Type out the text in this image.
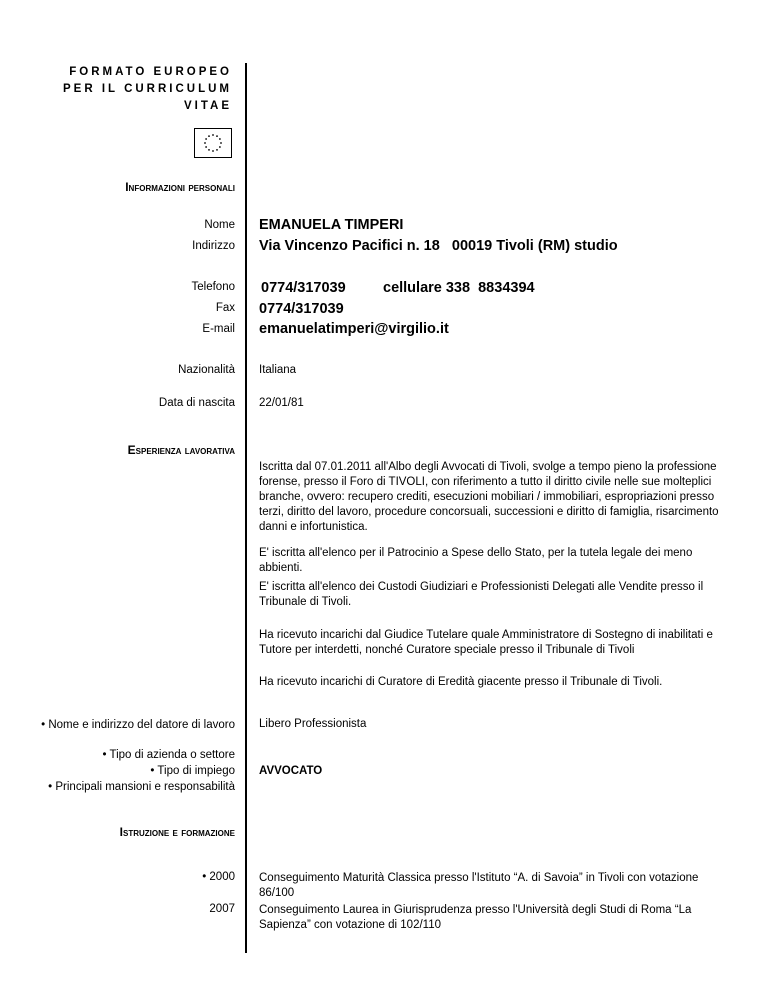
FORMATO EUROPEO
PER IL CURRICULUM
VITAE
Informazioni personali
Nome EMANUELA TIMPERI
Indirizzo Via Vincenzo Pacifici n. 18   00019 Tivoli (RM) studio
Telefono 0774/317039	cellulare 338  8834394
Fax 0774/317039
E-mail emanuelatimperi@virgilio.it
Nazionalità Italiana
Data di nascita 22/01/81
Esperienza lavorativa
Iscritta dal 07.01.2011 all'Albo degli Avvocati di Tivoli, svolge a tempo pieno la professione forense, presso il Foro di TIVOLI, con riferimento a tutto il diritto civile nelle sue molteplici branche, ovvero: recupero crediti, esecuzioni mobiliari / immobiliari, espropriazioni presso terzi, diritto del lavoro, procedure concorsuali, successioni e diritto di famiglia, risarcimento danni e infortunistica.
E' iscritta all'elenco per il Patrocinio a Spese dello Stato, per la tutela legale dei meno abbienti.
E' iscritta all'elenco dei Custodi Giudiziari e Professionisti Delegati alle Vendite presso il Tribunale di Tivoli.
Ha ricevuto incarichi dal Giudice Tutelare quale Amministratore di Sostegno di inabilitati e Tutore per interdetti, nonché Curatore speciale presso il Tribunale di Tivoli
Ha ricevuto incarichi di Curatore di Eredità giacente presso il Tribunale di Tivoli.
• Nome e indirizzo del datore di lavoro
• Tipo di azienda o settore
• Tipo di impiego
• Principali mansioni e responsabilità
Libero Professionista
AVVOCATO
Istruzione e formazione
• 2000 Conseguimento Maturità Classica presso l'Istituto “A. di Savoia” in Tivoli con votazione 86/100
2007 Conseguimento Laurea in Giurisprudenza presso l'Università degli Studi di Roma “La Sapienza” con votazione di 102/110
